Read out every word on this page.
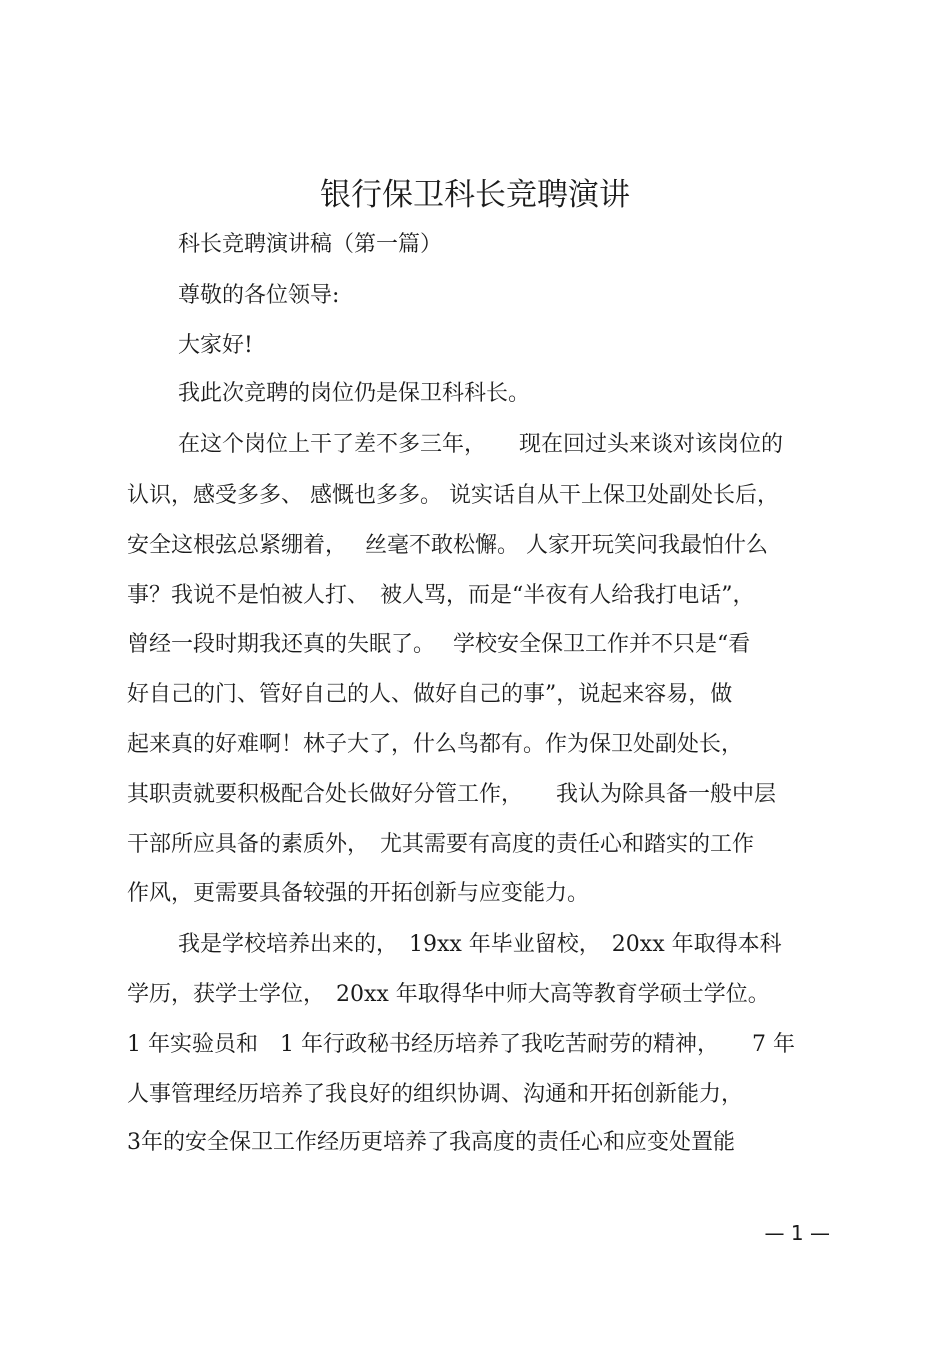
银行保卫科长竞聘演讲
科长竞聘演讲稿（第一篇）
尊敬的各位领导:
大家好!
我此次竞聘的岗位仍是保卫科科长。
在这个岗位上干了差不多三年，　　现在回过头来谈对该岗位的
认识，感受多多、 感慨也多多。 说实话自从干上保卫处副处长后，
安全这根弦总紧绷着，　 丝毫不敢松懈。 人家开玩笑问我最怕什么
事？我说不是怕被人打、　被人骂，而是“半夜有人给我打电话”，
曾经一段时期我还真的失眠了。　 学校安全保卫工作并不只是“看
好自己的门、管好自己的人、做好自己的事”，说起来容易，做
起来真的好难啊！林子大了，什么鸟都有。作为保卫处副处长，
其职责就要积极配合处长做好分管工作，　　我认为除具备一般中层
干部所应具备的素质外，　尤其需要有高度的责任心和踏实的工作
作风，更需要具备较强的开拓创新与应变能力。
我是学校培养出来的，　19xx 年毕业留校，　20xx 年取得本科
学历，获学士学位，　20xx 年取得华中师大高等教育学硕士学位。
1 年实验员和　1 年行政秘书经历培养了我吃苦耐劳的精神，　　7 年
人事管理经历培养了我良好的组织协调、沟通和开拓创新能力，
3年的安全保卫工作经历更培养了我高度的责任心和应变处置能
— 1 —
